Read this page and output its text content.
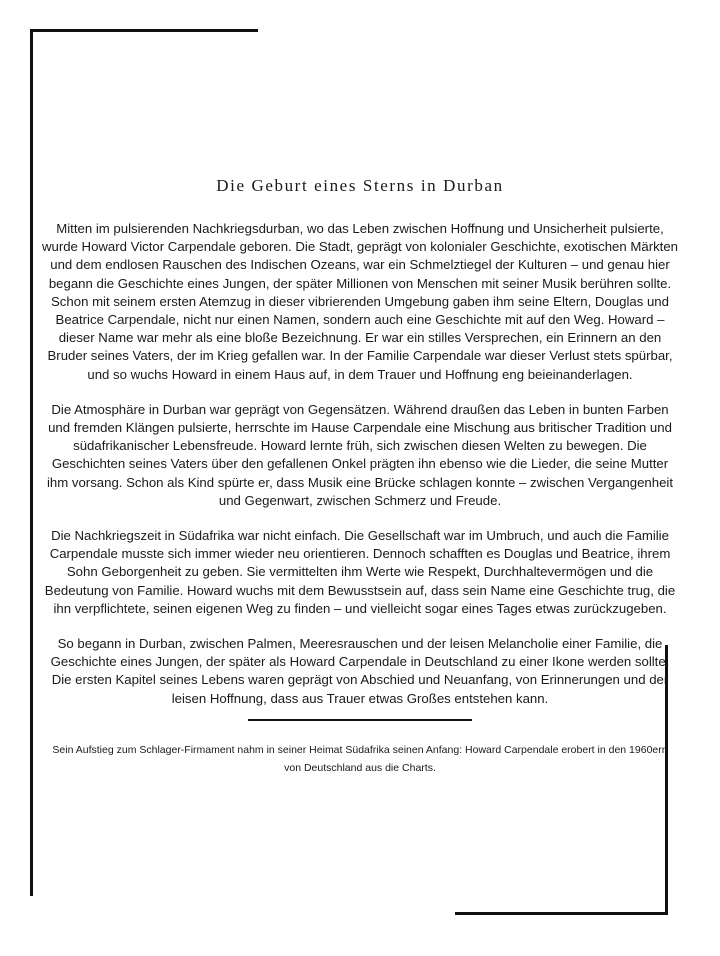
Die Geburt eines Sterns in Durban

Mitten im pulsierenden Nachkriegsdurban, wo das Leben zwischen Hoffnung und Unsicherheit pulsierte, wurde Howard Victor Carpendale geboren. Die Stadt, geprägt von kolonialer Geschichte, exotischen Märkten und dem endlosen Rauschen des Indischen Ozeans, war ein Schmelztiegel der Kulturen – und genau hier begann die Geschichte eines Jungen, der später Millionen von Menschen mit seiner Musik berühren sollte. Schon mit seinem ersten Atemzug in dieser vibrierenden Umgebung gaben ihm seine Eltern, Douglas und Beatrice Carpendale, nicht nur einen Namen, sondern auch eine Geschichte mit auf den Weg. Howard – dieser Name war mehr als eine bloße Bezeichnung. Er war ein stilles Versprechen, ein Erinnern an den Bruder seines Vaters, der im Krieg gefallen war. In der Familie Carpendale war dieser Verlust stets spürbar, und so wuchs Howard in einem Haus auf, in dem Trauer und Hoffnung eng beieinanderlagen.

Die Atmosphäre in Durban war geprägt von Gegensätzen. Während draußen das Leben in bunten Farben und fremden Klängen pulsierte, herrschte im Hause Carpendale eine Mischung aus britischer Tradition und südafrikanischer Lebensfreude. Howard lernte früh, sich zwischen diesen Welten zu bewegen. Die Geschichten seines Vaters über den gefallenen Onkel prägten ihn ebenso wie die Lieder, die seine Mutter ihm vorsang. Schon als Kind spürte er, dass Musik eine Brücke schlagen konnte – zwischen Vergangenheit und Gegenwart, zwischen Schmerz und Freude.

Die Nachkriegszeit in Südafrika war nicht einfach. Die Gesellschaft war im Umbruch, und auch die Familie Carpendale musste sich immer wieder neu orientieren. Dennoch schafften es Douglas und Beatrice, ihrem Sohn Geborgenheit zu geben. Sie vermittelten ihm Werte wie Respekt, Durchhaltevermögen und die Bedeutung von Familie. Howard wuchs mit dem Bewusstsein auf, dass sein Name eine Geschichte trug, die ihn verpflichtete, seinen eigenen Weg zu finden – und vielleicht sogar eines Tages etwas zurückzugeben.

So begann in Durban, zwischen Palmen, Meeresrauschen und der leisen Melancholie einer Familie, die Geschichte eines Jungen, der später als Howard Carpendale in Deutschland zu einer Ikone werden sollte. Die ersten Kapitel seines Lebens waren geprägt von Abschied und Neuanfang, von Erinnerungen und der leisen Hoffnung, dass aus Trauer etwas Großes entstehen kann.

Sein Aufstieg zum Schlager-Firmament nahm in seiner Heimat Südafrika seinen Anfang: Howard Carpendale erobert in den 1960ern von Deutschland aus die Charts.
